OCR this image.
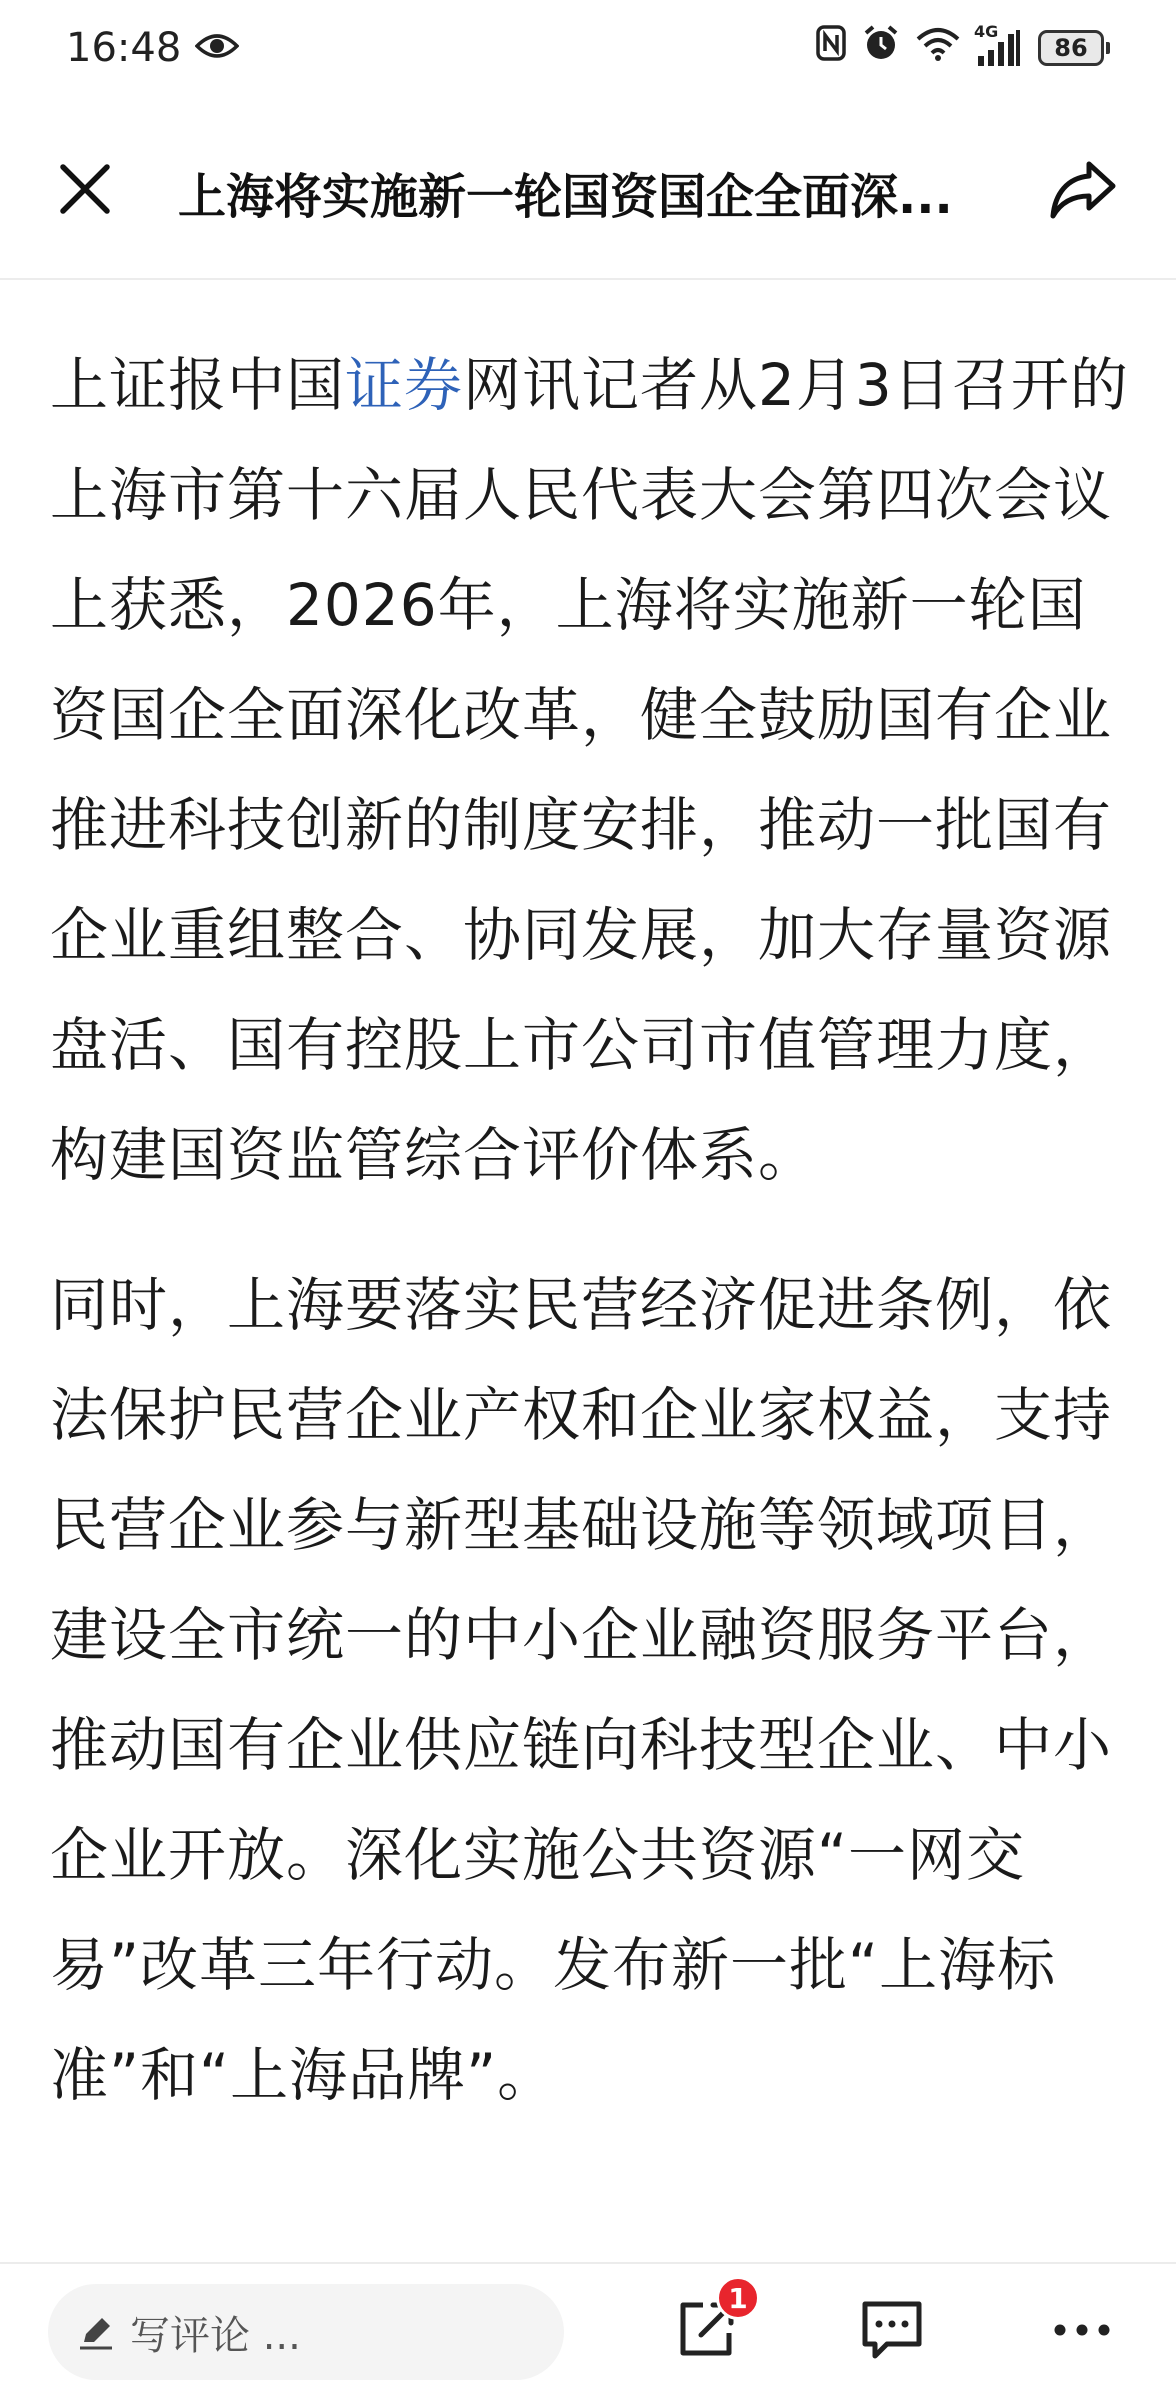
16:48	4G
86
上海将实施新一轮国资国企全面深...

上证报中国证券网讯记者从2月3日召开的上海市第十六届人民代表大会第四次会议上获悉，2026年，上海将实施新一轮国资国企全面深化改革，健全鼓励国有企业推进科技创新的制度安排，推动一批国有企业重组整合、协同发展，加大存量资源盘活、国有控股上市公司市值管理力度，构建国资监管综合评价体系。

同时，上海要落实民营经济促进条例，依法保护民营企业产权和企业家权益，支持民营企业参与新型基础设施等领域项目，建设全市统一的中小企业融资服务平台，推动国有企业供应链向科技型企业、中小企业开放。深化实施公共资源“一网交易”改革三年行动。发布新一批“上海标准”和“上海品牌”。

写评论 ...
1
